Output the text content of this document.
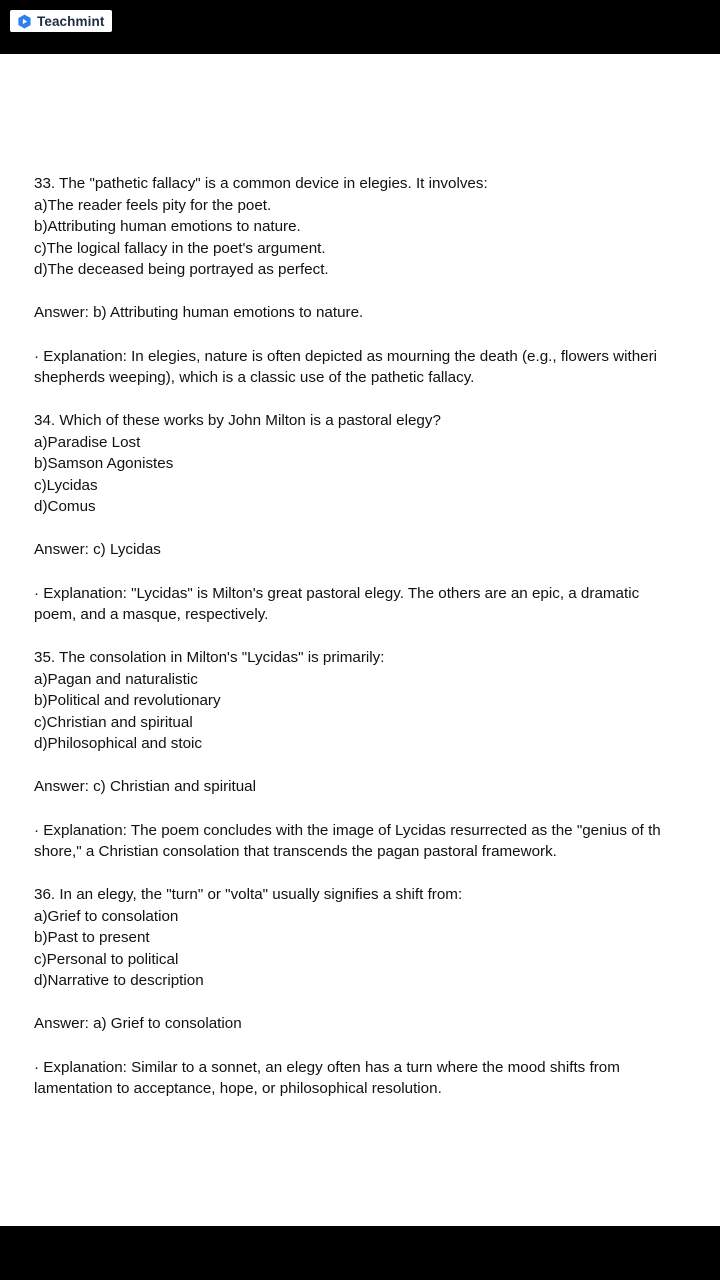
Teachmint
33. The "pathetic fallacy" is a common device in elegies. It involves:
a)The reader feels pity for the poet.
b)Attributing human emotions to nature.
c)The logical fallacy in the poet's argument.
d)The deceased being portrayed as perfect.
Answer: b) Attributing human emotions to nature.
· Explanation: In elegies, nature is often depicted as mourning the death (e.g., flowers witheri
shepherds weeping), which is a classic use of the pathetic fallacy.
34. Which of these works by John Milton is a pastoral elegy?
a)Paradise Lost
b)Samson Agonistes
c)Lycidas
d)Comus
Answer: c) Lycidas
· Explanation: "Lycidas" is Milton's great pastoral elegy. The others are an epic, a dramatic
poem, and a masque, respectively.
35. The consolation in Milton's "Lycidas" is primarily:
a)Pagan and naturalistic
b)Political and revolutionary
c)Christian and spiritual
d)Philosophical and stoic
Answer: c) Christian and spiritual
· Explanation: The poem concludes with the image of Lycidas resurrected as the "genius of th
shore," a Christian consolation that transcends the pagan pastoral framework.
36. In an elegy, the "turn" or "volta" usually signifies a shift from:
a)Grief to consolation
b)Past to present
c)Personal to political
d)Narrative to description
Answer: a) Grief to consolation
· Explanation: Similar to a sonnet, an elegy often has a turn where the mood shifts from
lamentation to acceptance, hope, or philosophical resolution.
